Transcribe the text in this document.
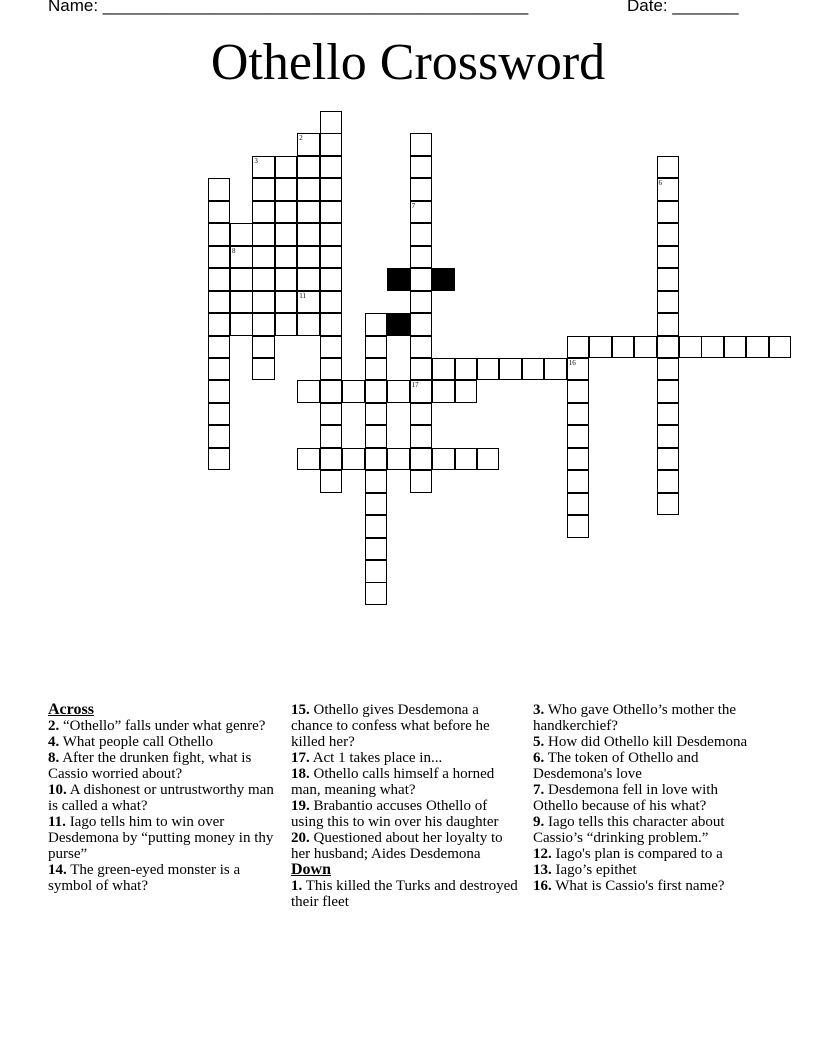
Name: _____________________________________________	Date: _______
Othello Crossword
3
8
2
11
7
17
6
16
Across

2. “Othello” falls under what genre?

4. What people call Othello

8. After the drunken fight, what is Cassio worried about?

10. A dishonest or untrustworthy man is called a what?

11. Iago tells him to win over Desdemona by “putting money in thy purse”

14. The green-eyed monster is a symbol of what?

15. Othello gives Desdemona a chance to confess what before he killed her?

17. Act 1 takes place in...

18. Othello calls himself a horned man, meaning what?

19. Brabantio accuses Othello of using this to win over his daughter

20. Questioned about her loyalty to her husband; Aides Desdemona

Down

1. This killed the Turks and destroyed their fleet

3. Who gave Othello’s mother the handkerchief?

5. How did Othello kill Desdemona

6. The token of Othello and Desdemona's love

7. Desdemona fell in love with Othello because of his what?

9. Iago tells this character about Cassio’s “drinking problem.”

12. Iago's plan is compared to a

13. Iago’s epithet

16. What is Cassio's first name?
